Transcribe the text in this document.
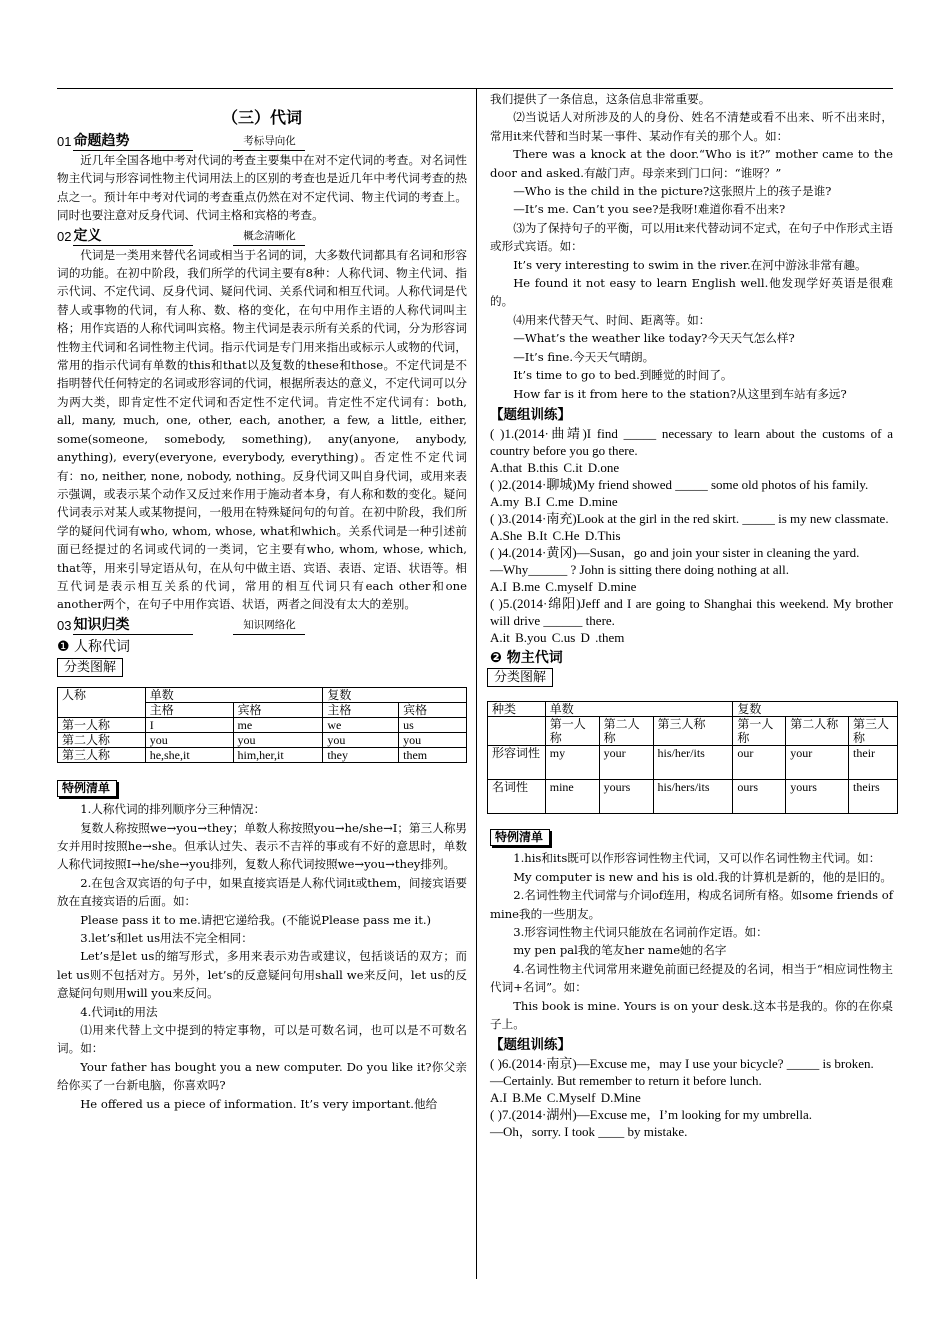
（三）代词
01 命题趋势	考标导向化

近几年全国各地中考对代词的考查主要集中在对不定代词的考查。对名词性物主代词与形容词性物主代词用法上的区别的考查也是近几年中考代词考查的热点之一。预计年中考对代词的考查重点仍然在对不定代词、物主代词的考查上。同时也要注意对反身代词、代词主格和宾格的考查。

02 定义	概念清晰化

代词是一类用来替代名词或相当于名词的词，大多数代词都具有名词和形容词的功能。在初中阶段，我们所学的代词主要有8种：人称代词、物主代词、指示代词、不定代词、反身代词、疑问代词、关系代词和相互代词。人称代词是代替人或事物的代词，有人称、数、格的变化，在句中用作主语的人称代词叫主格；用作宾语的人称代词叫宾格。物主代词是表示所有关系的代词，分为形容词性物主代词和名词性物主代词。指示代词是专门用来指出或标示人或物的代词，常用的指示代词有单数的this和that以及复数的these和those。不定代词是不指明替代任何特定的名词或形容词的代词，根据所表达的意义，不定代词可以分为两大类，即肯定性不定代词和否定性不定代词。肯定性不定代词有：both, all, many, much, one, other, each, another, a few, a little, either, some(someone, somebody, something), any(anyone, anybody, anything), every(everyone, everybody, everything)。否定性不定代词有：no, neither, none, nobody, nothing。反身代词又叫自身代词，或用来表示强调，或表示某个动作又反过来作用于施动者本身，有人称和数的变化。疑问代词表示对某人或某物提问，一般用在特殊疑问句的句首。在初中阶段，我们所学的疑问代词有who, whom, whose, what和which。关系代词是一种引述前面已经提过的名词或代词的一类词，它主要有who, whom, whose, which, that等，用来引导定语从句，在从句中做主语、宾语、表语、定语、状语等。相互代词是表示相互关系的代词，常用的相互代词只有each other和one another两个，在句子中用作宾语、状语，两者之间没有太大的差别。

03 知识归类	知识网络化
❶ 人称代词
分类图解
人称	单数		复数	
	主格	宾格	主格	宾格
第一人称	I	me	we	us
第二人称	you	you	you	you
第三人称	he,she,it	him,her,it	they	them
特例清单

1.人称代词的排列顺序分三种情况：

复数人称按照we→you→they；单数人称按照you→he/she→I；第三人称男女并用时按照he→she。但承认过失、表示不吉祥的事或有不好的意思时，单数人称代词按照I→he/she→you排列，复数人称代词按照we→you→they排列。

2.在包含双宾语的句子中，如果直接宾语是人称代词it或them，间接宾语要放在直接宾语的后面。如：

Please pass it to me.请把它递给我。(不能说Please pass me it.)

3.let’s和let us用法不完全相同：

Let’s是let us的缩写形式，多用来表示劝告或建议，包括谈话的双方；而let us则不包括对方。另外，let’s的反意疑问句用shall we来反问，let us的反意疑问句则用will you来反问。

4.代词it的用法

⑴用来代替上文中提到的特定事物，可以是可数名词，也可以是不可数名词。如：

Your father has bought you a new computer. Do you like it?你父亲给你买了一台新电脑，你喜欢吗?

He offered us a piece of information. It’s very important.他给

我们提供了一条信息，这条信息非常重要。

⑵当说话人对所涉及的人的身份、姓名不清楚或看不出来、听不出来时，常用it来代替和当时某一事件、某动作有关的那个人。如：

There was a knock at the door.“Who is it?” mother came to the door and asked.有敲门声。母亲来到门口问：“谁呀？”

—Who is the child in the picture?这张照片上的孩子是谁?

—It’s me. Can’t you see?是我呀!难道你看不出来?

⑶为了保持句子的平衡，可以用it来代替动词不定式，在句子中作形式主语或形式宾语。如：

It’s very interesting to swim in the river.在河中游泳非常有趣。

He found it not easy to learn English well.他发现学好英语是很难的。

⑷用来代替天气、时间、距离等。如：

—What’s the weather like today?今天天气怎么样?

—It’s fine.今天天气晴朗。

It’s time to go to bed.到睡觉的时间了。

How far is it from here to the station?从这里到车站有多远?

【题组训练】
( )1.(2014·曲靖)I find _____ necessary to learn about the customs of a country before you go there.
A.that B.this C.it D.one
( )2.(2014·聊城)My friend showed _____ some old photos of his family.
A.my B.I C.me D.mine
( )3.(2014·南充)Look at the girl in the red skirt. _____ is my new classmate.
A.She B.It C.He D.This
( )4.(2014·黄冈)—Susan，go and join your sister in cleaning the yard.
—Why______ ? John is sitting there doing nothing at all.
A.I B.me C.myself D.mine
( )5.(2014·绵阳)Jeff and I are going to Shanghai this weekend. My brother will drive ______ there.
A.it B.you C.us D .them
❷ 物主代词
分类图解
种类	单数			复数		
	第一人称	第二人称	第三人称	第一人称	第二人称	第三人称
形容词性	my	your	his/her/its	our	your	their
名词性	mine	yours	his/hers/its	ours	yours	theirs
特例清单

1.his和its既可以作形容词性物主代词，又可以作名词性物主代词。如：

My computer is new and his is old.我的计算机是新的，他的是旧的。

2.名词性物主代词常与介词of连用，构成名词所有格。如some friends of mine我的一些朋友。

3.形容词性物主代词只能放在名词前作定语。如：

my pen pal我的笔友her name她的名字

4.名词性物主代词常用来避免前面已经提及的名词，相当于“相应词性物主代词+名词”。如：

This book is mine. Yours is on your desk.这本书是我的。你的在你桌子上。

【题组训练】
( )6.(2014·南京)—Excuse me，may I use your bicycle? _____ is broken.
—Certainly. But remember to return it before lunch.
A.I B.Me C.Myself D.Mine
( )7.(2014·湖州)—Excuse me，I’m looking for my umbrella.
—Oh，sorry. I took ____ by mistake.
